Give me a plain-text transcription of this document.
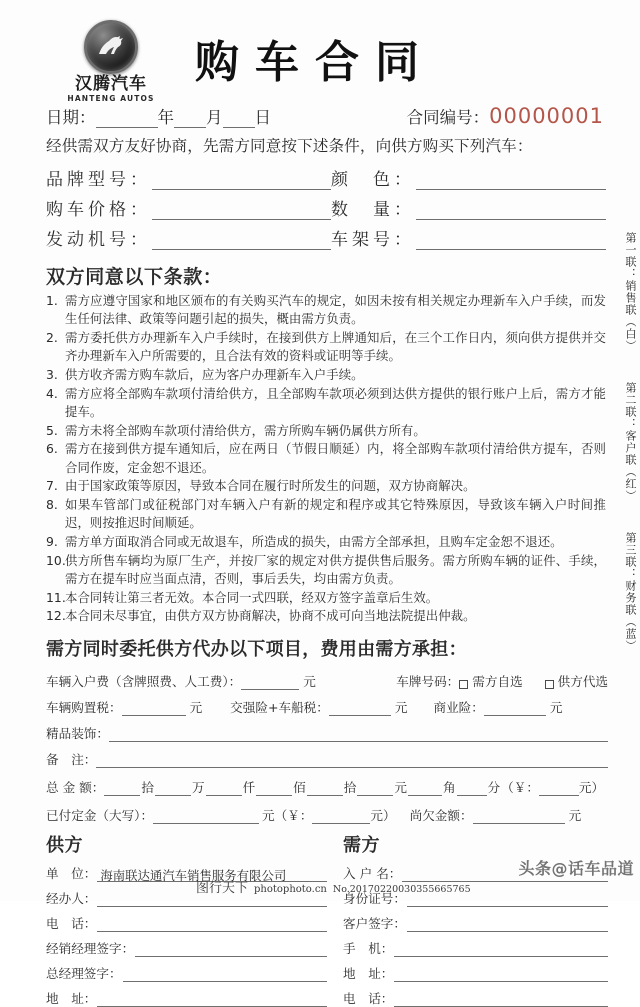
汉腾汽车
HANTENG AUTOS
购车合同
日期：	年 月 日	合同编号： 00000001
经供需双方友好协商，先需方同意按下述条件，向供方购买下列汽车：
品牌型号：	颜　色：
购车价格：	数　量：
发动机号：	车架号：
双方同意以下条款：
1. 需方应遵守国家和地区颁布的有关购买汽车的规定，如因未按有相关规定办理新车入户手续，而发生任何法律、政策等问题引起的损失，概由需方负责。
2. 需方委托供方办理新车入户手续时，在接到供方上牌通知后，在三个工作日内，须向供方提供并交齐办理新车入户所需要的，且合法有效的资料或证明等手续。
3. 供方收齐需方购车款后，应为客户办理新车入户手续。
4. 需方应将全部购车款项付清给供方，且全部购车款项必须到达供方提供的银行账户上后，需方才能提车。
5. 需方未将全部购车款项付清给供方，需方所购车辆仍属供方所有。
6. 需方在接到供方提车通知后，应在两日（节假日顺延）内，将全部购车款项付清给供方提车，否则合同作废，定金恕不退还。
7. 由于国家政策等原因，导致本合同在履行时所发生的问题，双方协商解决。
8. 如果车管部门或征税部门对车辆入户有新的规定和程序或其它特殊原因，导致该车辆入户时间推迟，则按推迟时间顺延。
9. 需方单方面取消合同或无故退车，所造成的损失，由需方全部承担，且购车定金恕不退还。
10. 供方所售车辆均为原厂生产，并按厂家的规定对供方提供售后服务。需方所购车辆的证件、手续，需方在提车时应当面点清，否则，事后丢失，均由需方负责。
11. 本合同转让第三者无效。本合同一式四联，经双方签字盖章后生效。
12. 本合同未尽事宜，由供方双方协商解决，协商不成可向当地法院提出仲裁。
需方同时委托供方代办以下项目，费用由需方承担：
车辆入户费（含牌照费、人工费）：	元	车牌号码： 需方自选	供方代选
车辆购置税：	元 交强险+车船税：	元 商业险：	元
精品装饰：
备　注：
总 金 额：	拾	万	仟	佰	拾	元	角	分 （￥：	元）
已付定金（大写）：	元 （￥：	元） 尚欠金额：	元
供方
单　位： 海南联达通汽车销售服务有限公司
经办人：
电　话：
经销经理签字：
总经理签字：
地　址：
需方
入 户 名：
身份证号：
客户签字：
手　机：
地　址：
电　话：
第一联：销售联（白）
第二联：客户联（红）
第三联：财务联（蓝）
图行天下 photophoto.cn No.20170220030355665765
头条@话车品道
